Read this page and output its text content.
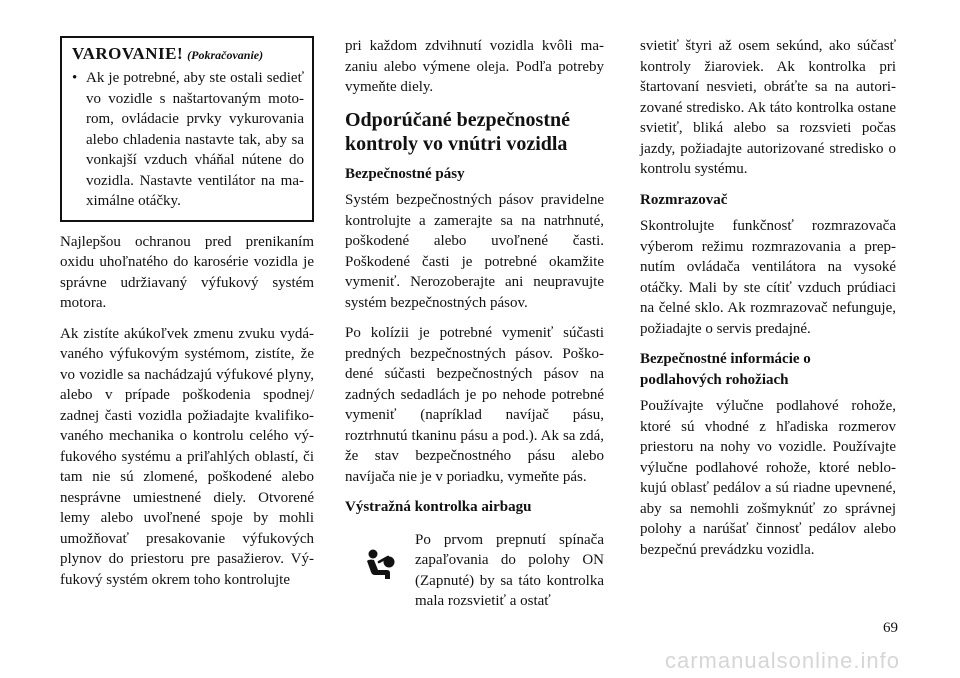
VAROVANIE! (Pokračovanie)
• Ak je potrebné, aby ste ostali sedieť vo vozidle s naštartovaným motorom, ovládacie prvky vykurovania alebo chladenia nastavte tak, aby sa vonkajší vzduch vháňal nútene do vozidla. Nastavte ventilátor na maximálne otáčky.

Najlepšou ochranou pred prenikaním oxidu uhoľnatého do karosérie vozidla je správne udržiavaný výfukový systém motora.

Ak zistíte akúkoľvek zmenu zvuku vydávaného výfukovým systémom, zistíte, že vo vozidle sa nachádzajú výfukové plyny, alebo v prípade poškodenia spodnej/ zadnej časti vozidla požiadajte kvalifikovaného mechanika o kontrolu celého výfukového systému a priľahlých oblastí, či tam nie sú zlomené, poškodené alebo nesprávne umiestnené diely. Otvorené lemy alebo uvoľnené spoje by mohli umožňovať presakovanie výfukových plynov do priestoru pre pasažierov. Výfukový systém okrem toho kontrolujte

pri každom zdvihnutí vozidla kvôli mazaniu alebo výmene oleja. Podľa potreby vymeňte diely.

Odporúčané bezpečnostné kontroly vo vnútri vozidla
Bezpečnostné pásy

Systém bezpečnostných pásov pravidelne kontrolujte a zamerajte sa na natrhnuté, poškodené alebo uvoľnené časti. Poškodené časti je potrebné okamžite vymeniť. Nerozoberajte ani neupravujte systém bezpečnostných pásov.

Po kolízii je potrebné vymeniť súčasti predných bezpečnostných pásov. Poškodené súčasti bezpečnostných pásov na zadných sedadlách je po nehode potrebné vymeniť (napríklad navíjač pásu, roztrhnutú tkaninu pásu a pod.). Ak sa zdá, že stav bezpečnostného pásu alebo navíjača nie je v poriadku, vymeňte pás.

Výstražná kontrolka airbagu

Po prvom prepnutí spínača zapaľovania do polohy ON (Zapnuté) by sa táto kontrolka mala rozsvietiť a ostať

svietiť štyri až osem sekúnd, ako súčasť kontroly žiaroviek. Ak kontrolka pri štartovaní nesvieti, obráťte sa na autorizované stredisko. Ak táto kontrolka ostane svietiť, bliká alebo sa rozsvieti počas jazdy, požiadajte autorizované stredisko o kontrolu systému.

Rozmrazovač

Skontrolujte funkčnosť rozmrazovača výberom režimu rozmrazovania a prepnutím ovládača ventilátora na vysoké otáčky. Mali by ste cítiť vzduch prúdiaci na čelné sklo. Ak rozmrazovač nefunguje, požiadajte o servis predajné.

Bezpečnostné informácie o podlahových rohožiach

Používajte výlučne podlahové rohože, ktoré sú vhodné z hľadiska rozmerov priestoru na nohy vo vozidle. Používajte výlučne podlahové rohože, ktoré neblokujú oblasť pedálov a sú riadne upevnené, aby sa nemohli zošmyknúť zo správnej polohy a narúšať činnosť pedálov alebo bezpečnú prevádzku vozidla.

69
carmanualsonline.info
